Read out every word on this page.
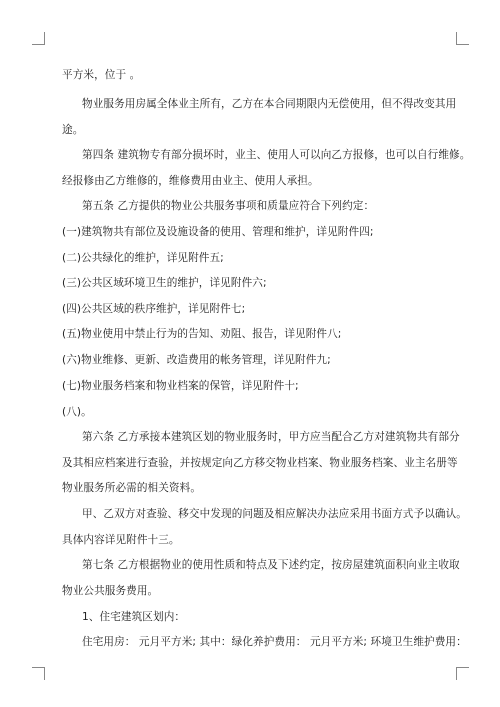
平方米，位于 。
物业服务用房属全体业主所有，乙方在本合同期限内无偿使用，但不得改变其用
途。
第四条 建筑物专有部分损坏时，业主、使用人可以向乙方报修，也可以自行维修。
经报修由乙方维修的，维修费用由业主、使用人承担。
第五条 乙方提供的物业公共服务事项和质量应符合下列约定：
(一)建筑物共有部位及设施设备的使用、管理和维护，详见附件四;
(二)公共绿化的维护，详见附件五;
(三)公共区域环境卫生的维护，详见附件六;
(四)公共区域的秩序维护，详见附件七;
(五)物业使用中禁止行为的告知、劝阻、报告，详见附件八;
(六)物业维修、更新、改造费用的帐务管理，详见附件九;
(七)物业服务档案和物业档案的保管，详见附件十;
(八)。
第六条 乙方承接本建筑区划的物业服务时，甲方应当配合乙方对建筑物共有部分
及其相应档案进行查验，并按规定向乙方移交物业档案、物业服务档案、业主名册等
物业服务所必需的相关资料。
甲、乙双方对查验、移交中发现的问题及相应解决办法应采用书面方式予以确认。
具体内容详见附件十三。
第七条 乙方根据物业的使用性质和特点及下述约定，按房屋建筑面积向业主收取
物业公共服务费用。
1、住宅建筑区划内：
住宅用房： 元月平方米; 其中：绿化养护费用： 元月平方米; 环境卫生维护费用：
